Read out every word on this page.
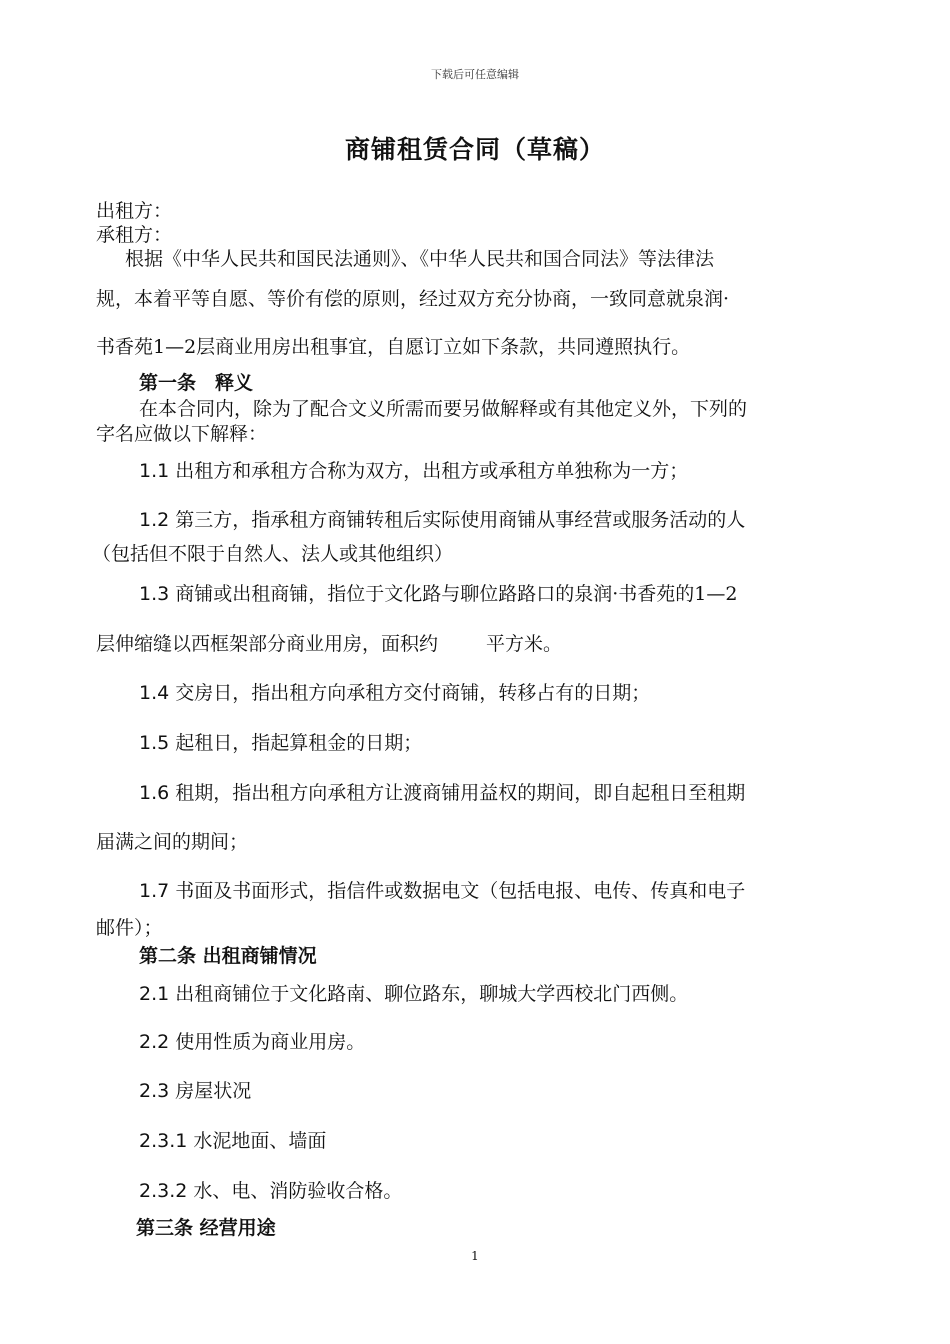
下载后可任意编辑
商铺租赁合同（草稿）
出租方：
承租方：
根据《中华人民共和国民法通则》、《中华人民共和国合同法》等法律法
规，本着平等自愿、等价有偿的原则，经过双方充分协商，一致同意就泉润·
书香苑1—2层商业用房出租事宜，自愿订立如下条款，共同遵照执行。
第一条　释义
在本合同内，除为了配合文义所需而要另做解释或有其他定义外，下列的
字名应做以下解释：
1.1 出租方和承租方合称为双方，出租方或承租方单独称为一方；
1.2 第三方，指承租方商铺转租后实际使用商铺从事经营或服务活动的人
（包括但不限于自然人、法人或其他组织）
1.3 商铺或出租商铺，指位于文化路与聊位路路口的泉润·书香苑的1—2
层伸缩缝以西框架部分商业用房，面积约	平方米。
1.4 交房日，指出租方向承租方交付商铺，转移占有的日期；
1.5 起租日，指起算租金的日期；
1.6 租期，指出租方向承租方让渡商铺用益权的期间，即自起租日至租期
届满之间的期间；
1.7 书面及书面形式，指信件或数据电文（包括电报、电传、传真和电子
邮件）；
第二条 出租商铺情况
2.1 出租商铺位于文化路南、聊位路东，聊城大学西校北门西侧。
2.2 使用性质为商业用房。
2.3 房屋状况
2.3.1 水泥地面、墙面
2.3.2 水、电、消防验收合格。
第三条 经营用途
1
